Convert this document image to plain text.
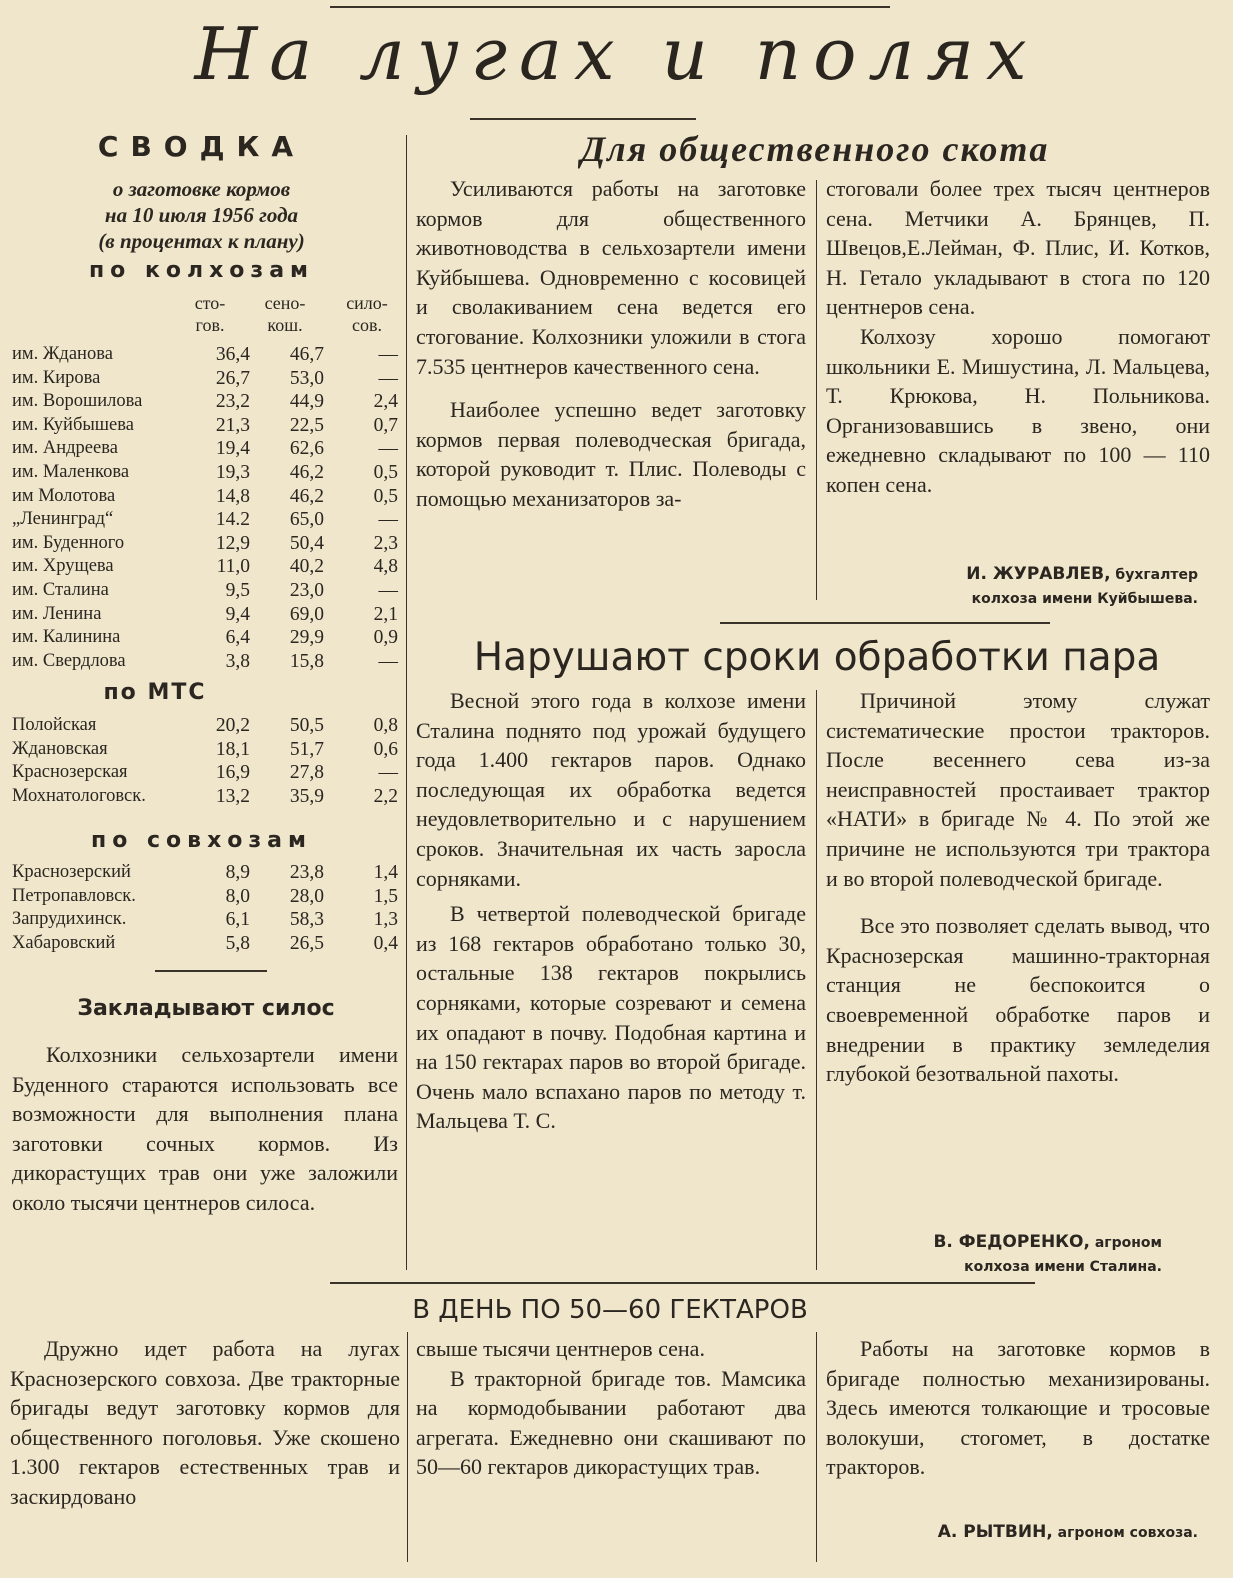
На лугах и полях
СВОДКА
о заготовке кормов
на 10 июля 1956 года
(в процентах к плану)
по колхозам
сто-
гов.
сено-
кош.
сило-
сов.
им. Жданова	36,4	46,7	—
им. Кирова	26,7	53,0	—
им. Ворошилова	23,2	44,9	2,4
им. Куйбышева	21,3	22,5	0,7
им. Андреева	19,4	62,6	—
им. Маленкова	19,3	46,2	0,5
им Молотова	14,8	46,2	0,5
„Ленинград“	14.2	65,0	—
им. Буденного	12,9	50,4	2,3
им. Хрущева	11,0	40,2	4,8
им. Сталина	9,5	23,0	—
им. Ленина	9,4	69,0	2,1
им. Калинина	6,4	29,9	0,9
им. Свердлова	3,8	15,8	—
по МТС
Полойская	20,2	50,5	0,8
Ждановская	18,1	51,7	0,6
Краснозерская	16,9	27,8	—
Мохнатологовск.	13,2	35,9	2,2
по совхозам
Краснозерский	8,9	23,8	1,4
Петропавловск.	8,0	28,0	1,5
Запрудихинск.	6,1	58,3	1,3
Хабаровский	5,8	26,5	0,4
Закладывают силос

Колхозники сельхозартели имени Буденного стараются использовать все возможности для выполнения плана заготовки сочных кормов. Из дикорастущих трав они уже заложили около тысячи центнеров силоса.

Для общественного скота

Усиливаются работы на заготовке кормов для общественного животноводства в сельхозартели имени Куйбышева. Одновременно с косовицей и сволакиванием сена ведется его стогование. Колхозники уложили в стога 7.535 центнеров качественного сена.

Наиболее успешно ведет заготовку кормов первая полеводческая бригада, которой руководит т. Плис. Полеводы с помощью механизаторов за-

стоговали более трех тысяч центнеров сена. Метчики А. Брянцев, П. Швецов,Е.Лейман, Ф. Плис, И. Котков, Н. Гетало укладывают в стога по 120 центнеров сена.

Колхозу хорошо помогают школьники Е. Мишустина, Л. Мальцева, Т. Крюкова, Н. Польникова. Организовавшись в звено, они ежедневно складывают по 100 — 110 копен сена.

И. ЖУРАВЛЕВ, бухгалтер
колхоза имени Куйбышева.
Нарушают сроки обработки пара

Весной этого года в колхозе имени Сталина поднято под урожай будущего года 1.400 гектаров паров. Однако последующая их обработка ведется неудовлетворительно и с нарушением сроков. Значительная их часть заросла сорняками.

В четвертой полеводческой бригаде из 168 гектаров обработано только 30, остальные 138 гектаров покрылись сорняками, которые созревают и семена их опадают в почву. Подобная картина и на 150 гектарах паров во второй бригаде. Очень мало вспахано паров по методу т. Мальцева Т. С.

Причиной этому служат систематические простои тракторов. После весеннего сева из-за неисправностей простаивает трактор «НАТИ» в бригаде № 4. По этой же причине не используются три трактора и во второй полеводческой бригаде.

Все это позволяет сделать вывод, что Краснозерская машинно-тракторная станция не беспокоится о своевременной обработке паров и внедрении в практику земледелия глубокой безотвальной пахоты.

В. ФЕДОРЕНКО, агроном
колхоза имени Сталина.
В ДЕНЬ ПО 50—60 ГЕКТАРОВ

Дружно идет работа на лугах Краснозерского совхоза. Две тракторные бригады ведут заготовку кормов для общественного поголовья. Уже скошено 1.300 гектаров естественных трав и заскирдовано

свыше тысячи центнеров сена.

В тракторной бригаде тов. Мамсика на кормодобывании работают два агрегата. Ежедневно они скашивают по 50—60 гектаров дикорастущих трав.

Работы на заготовке кормов в бригаде полностью механизированы. Здесь имеются толкающие и тросовые волокуши, стогомет, в достатке тракторов.

А. РЫТВИН, агроном совхоза.
